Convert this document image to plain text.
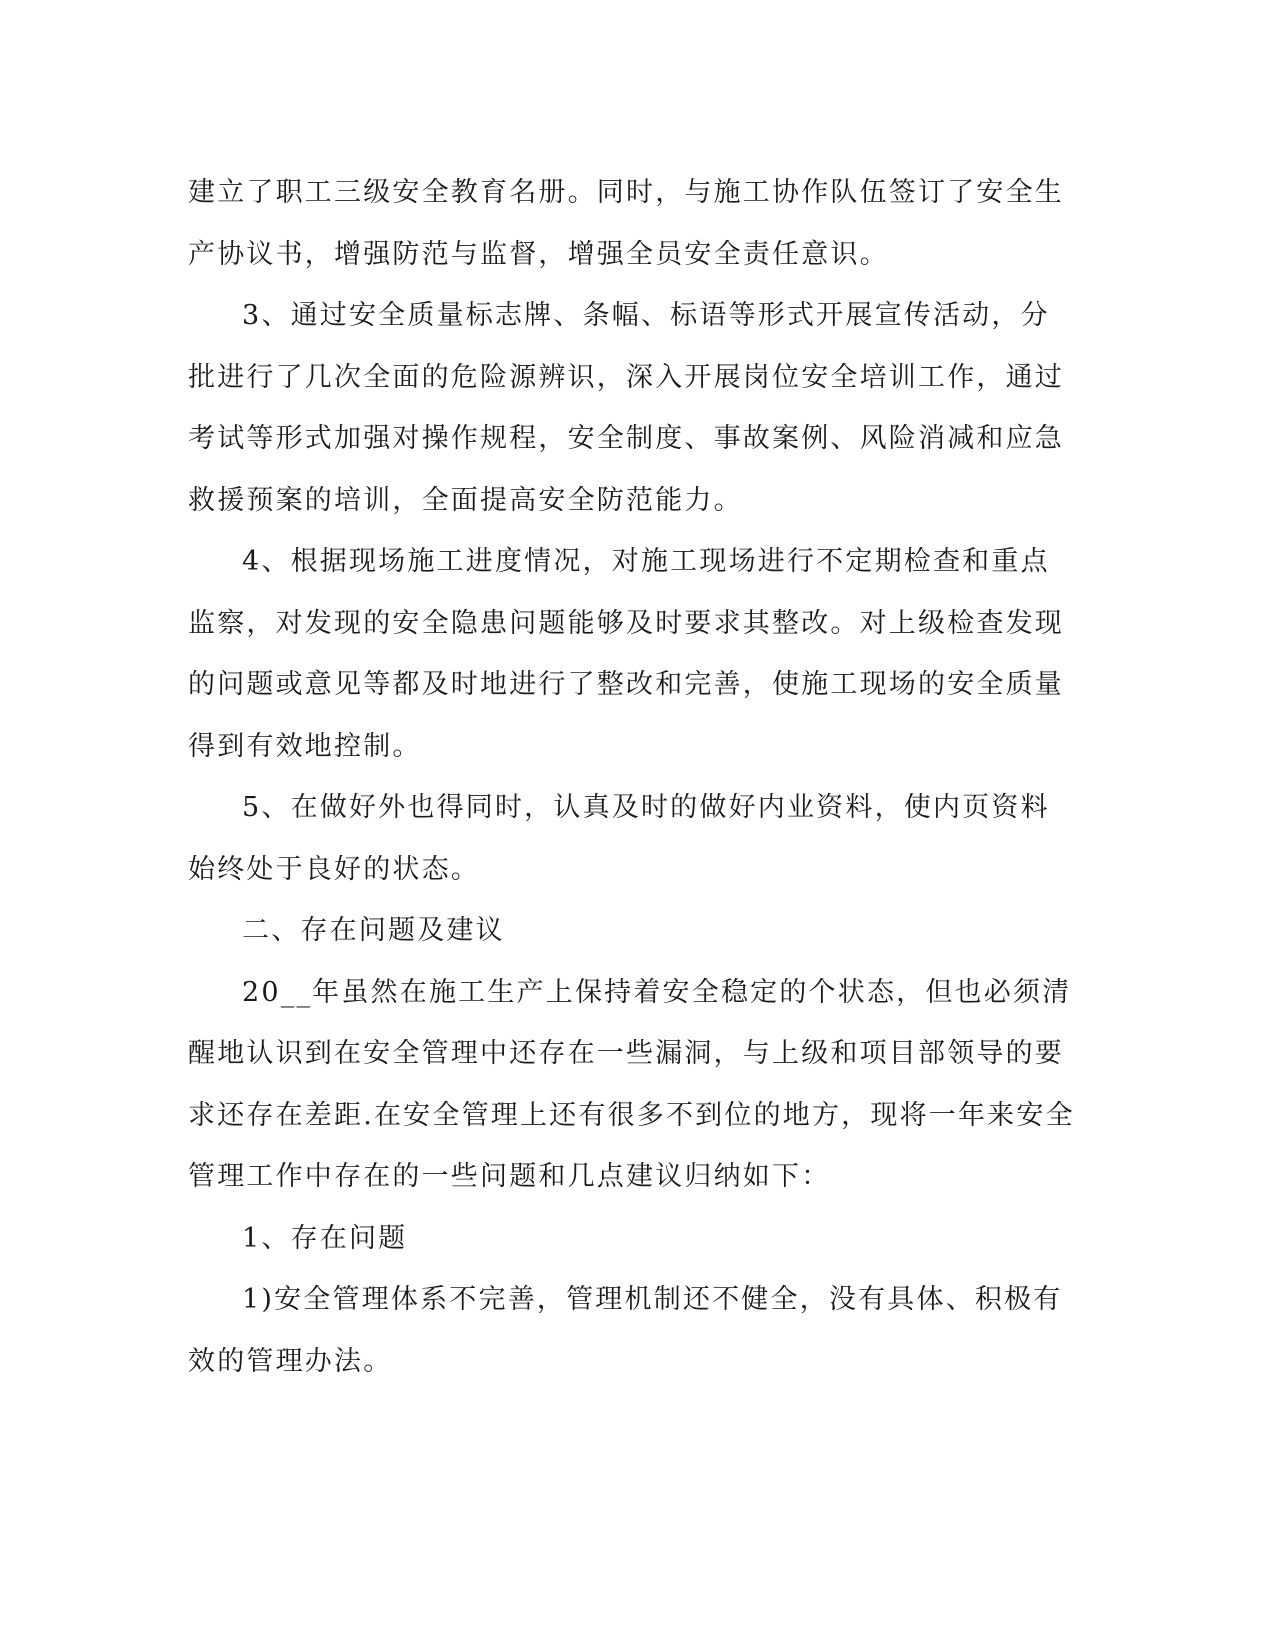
建立了职工三级安全教育名册。同时，与施工协作队伍签订了安全生
产协议书，增强防范与监督，增强全员安全责任意识。

3、通过安全质量标志牌、条幅、标语等形式开展宣传活动，分
批进行了几次全面的危险源辨识，深入开展岗位安全培训工作，通过
考试等形式加强对操作规程，安全制度、事故案例、风险消减和应急
救援预案的培训，全面提高安全防范能力。

4、根据现场施工进度情况，对施工现场进行不定期检查和重点
监察，对发现的安全隐患问题能够及时要求其整改。对上级检查发现
的问题或意见等都及时地进行了整改和完善，使施工现场的安全质量
得到有效地控制。

5、在做好外也得同时，认真及时的做好内业资料，使内页资料
始终处于良好的状态。

二、存在问题及建议

20__年虽然在施工生产上保持着安全稳定的个状态，但也必须清
醒地认识到在安全管理中还存在一些漏洞，与上级和项目部领导的要
求还存在差距.在安全管理上还有很多不到位的地方，现将一年来安全
管理工作中存在的一些问题和几点建议归纳如下：

1、存在问题

1)安全管理体系不完善，管理机制还不健全，没有具体、积极有
效的管理办法。
